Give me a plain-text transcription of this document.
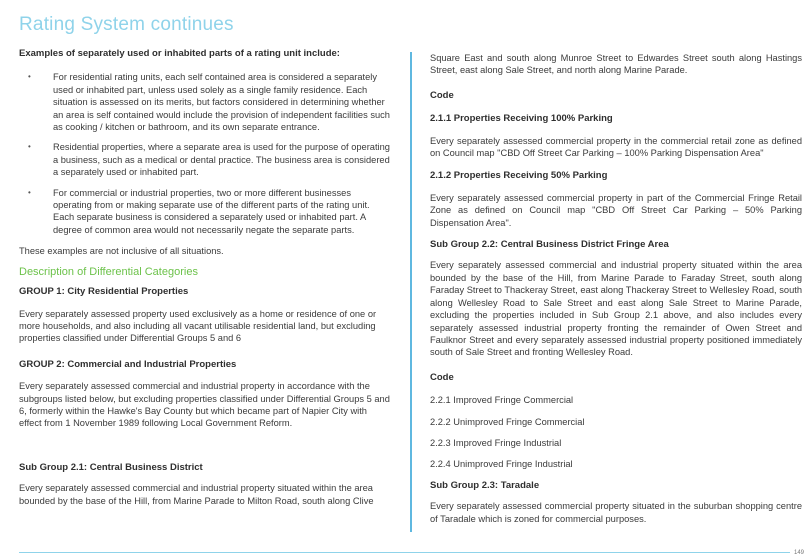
Rating System continues
Examples of separately used or inhabited parts of a rating unit include:
• For residential rating units, each self contained area is considered a separately used or inhabited part, unless used solely as a single family residence. Each situation is assessed on its merits, but factors considered in determining whether an area is self contained would include the provision of independent facilities such as cooking / kitchen or bathroom, and its own separate entrance.
• Residential properties, where a separate area is used for the purpose of operating a business, such as a medical or dental practice. The business area is considered a separately used or inhabited part.
• For commercial or industrial properties, two or more different businesses operating from or making separate use of the different parts of the rating unit. Each separate business is considered a separately used or inhabited part. A degree of common area would not necessarily negate the separate parts.

These examples are not inclusive of all situations.

Description of Differential Categories
GROUP 1: City Residential Properties

Every separately assessed property used exclusively as a home or residence of one or more households, and also including all vacant utilisable residential land, but excluding properties classified under Differential Groups 5 and 6

GROUP 2: Commercial and Industrial Properties

Every separately assessed commercial and industrial property in accordance with the subgroups listed below, but excluding properties classified under Differential Groups 5 and 6, formerly within the Hawke's Bay County but which became part of Napier City with effect from 1 November 1989 following Local Government Reform.

Sub Group 2.1: Central Business District

Every separately assessed commercial and industrial property situated within the area bounded by the base of the Hill, from Marine Parade to Milton Road, south along Clive

Square East and south along Munroe Street to Edwardes Street south along Hastings Street, east along Sale Street, and north along Marine Parade.

Code
2.1.1 Properties Receiving 100% Parking

Every separately assessed commercial property in the commercial retail zone as defined on Council map "CBD Off Street Car Parking – 100% Parking Dispensation Area"

2.1.2 Properties Receiving 50% Parking

Every separately assessed commercial property in part of the Commercial Fringe Retail Zone as defined on Council map "CBD Off Street Car Parking – 50% Parking Dispensation Area".

Sub Group 2.2: Central Business District Fringe Area

Every separately assessed commercial and industrial property situated within the area bounded by the base of the Hill, from Marine Parade to Faraday Street, south along Faraday Street to Thackeray Street, east along Thackeray Street to Wellesley Road, south along Wellesley Road to Sale Street and east along Sale Street to Marine Parade, excluding the properties included in Sub Group 2.1 above, and also includes every separately assessed industrial property fronting the remainder of Owen Street and Faulknor Street and every separately assessed industrial property positioned immediately south of Sale Street and fronting Wellesley Road.

Code

2.2.1 Improved Fringe Commercial

2.2.2 Unimproved Fringe Commercial

2.2.3 Improved Fringe Industrial

2.2.4 Unimproved Fringe Industrial

Sub Group 2.3: Taradale

Every separately assessed commercial property situated in the suburban shopping centre of Taradale which is zoned for commercial purposes.

149
